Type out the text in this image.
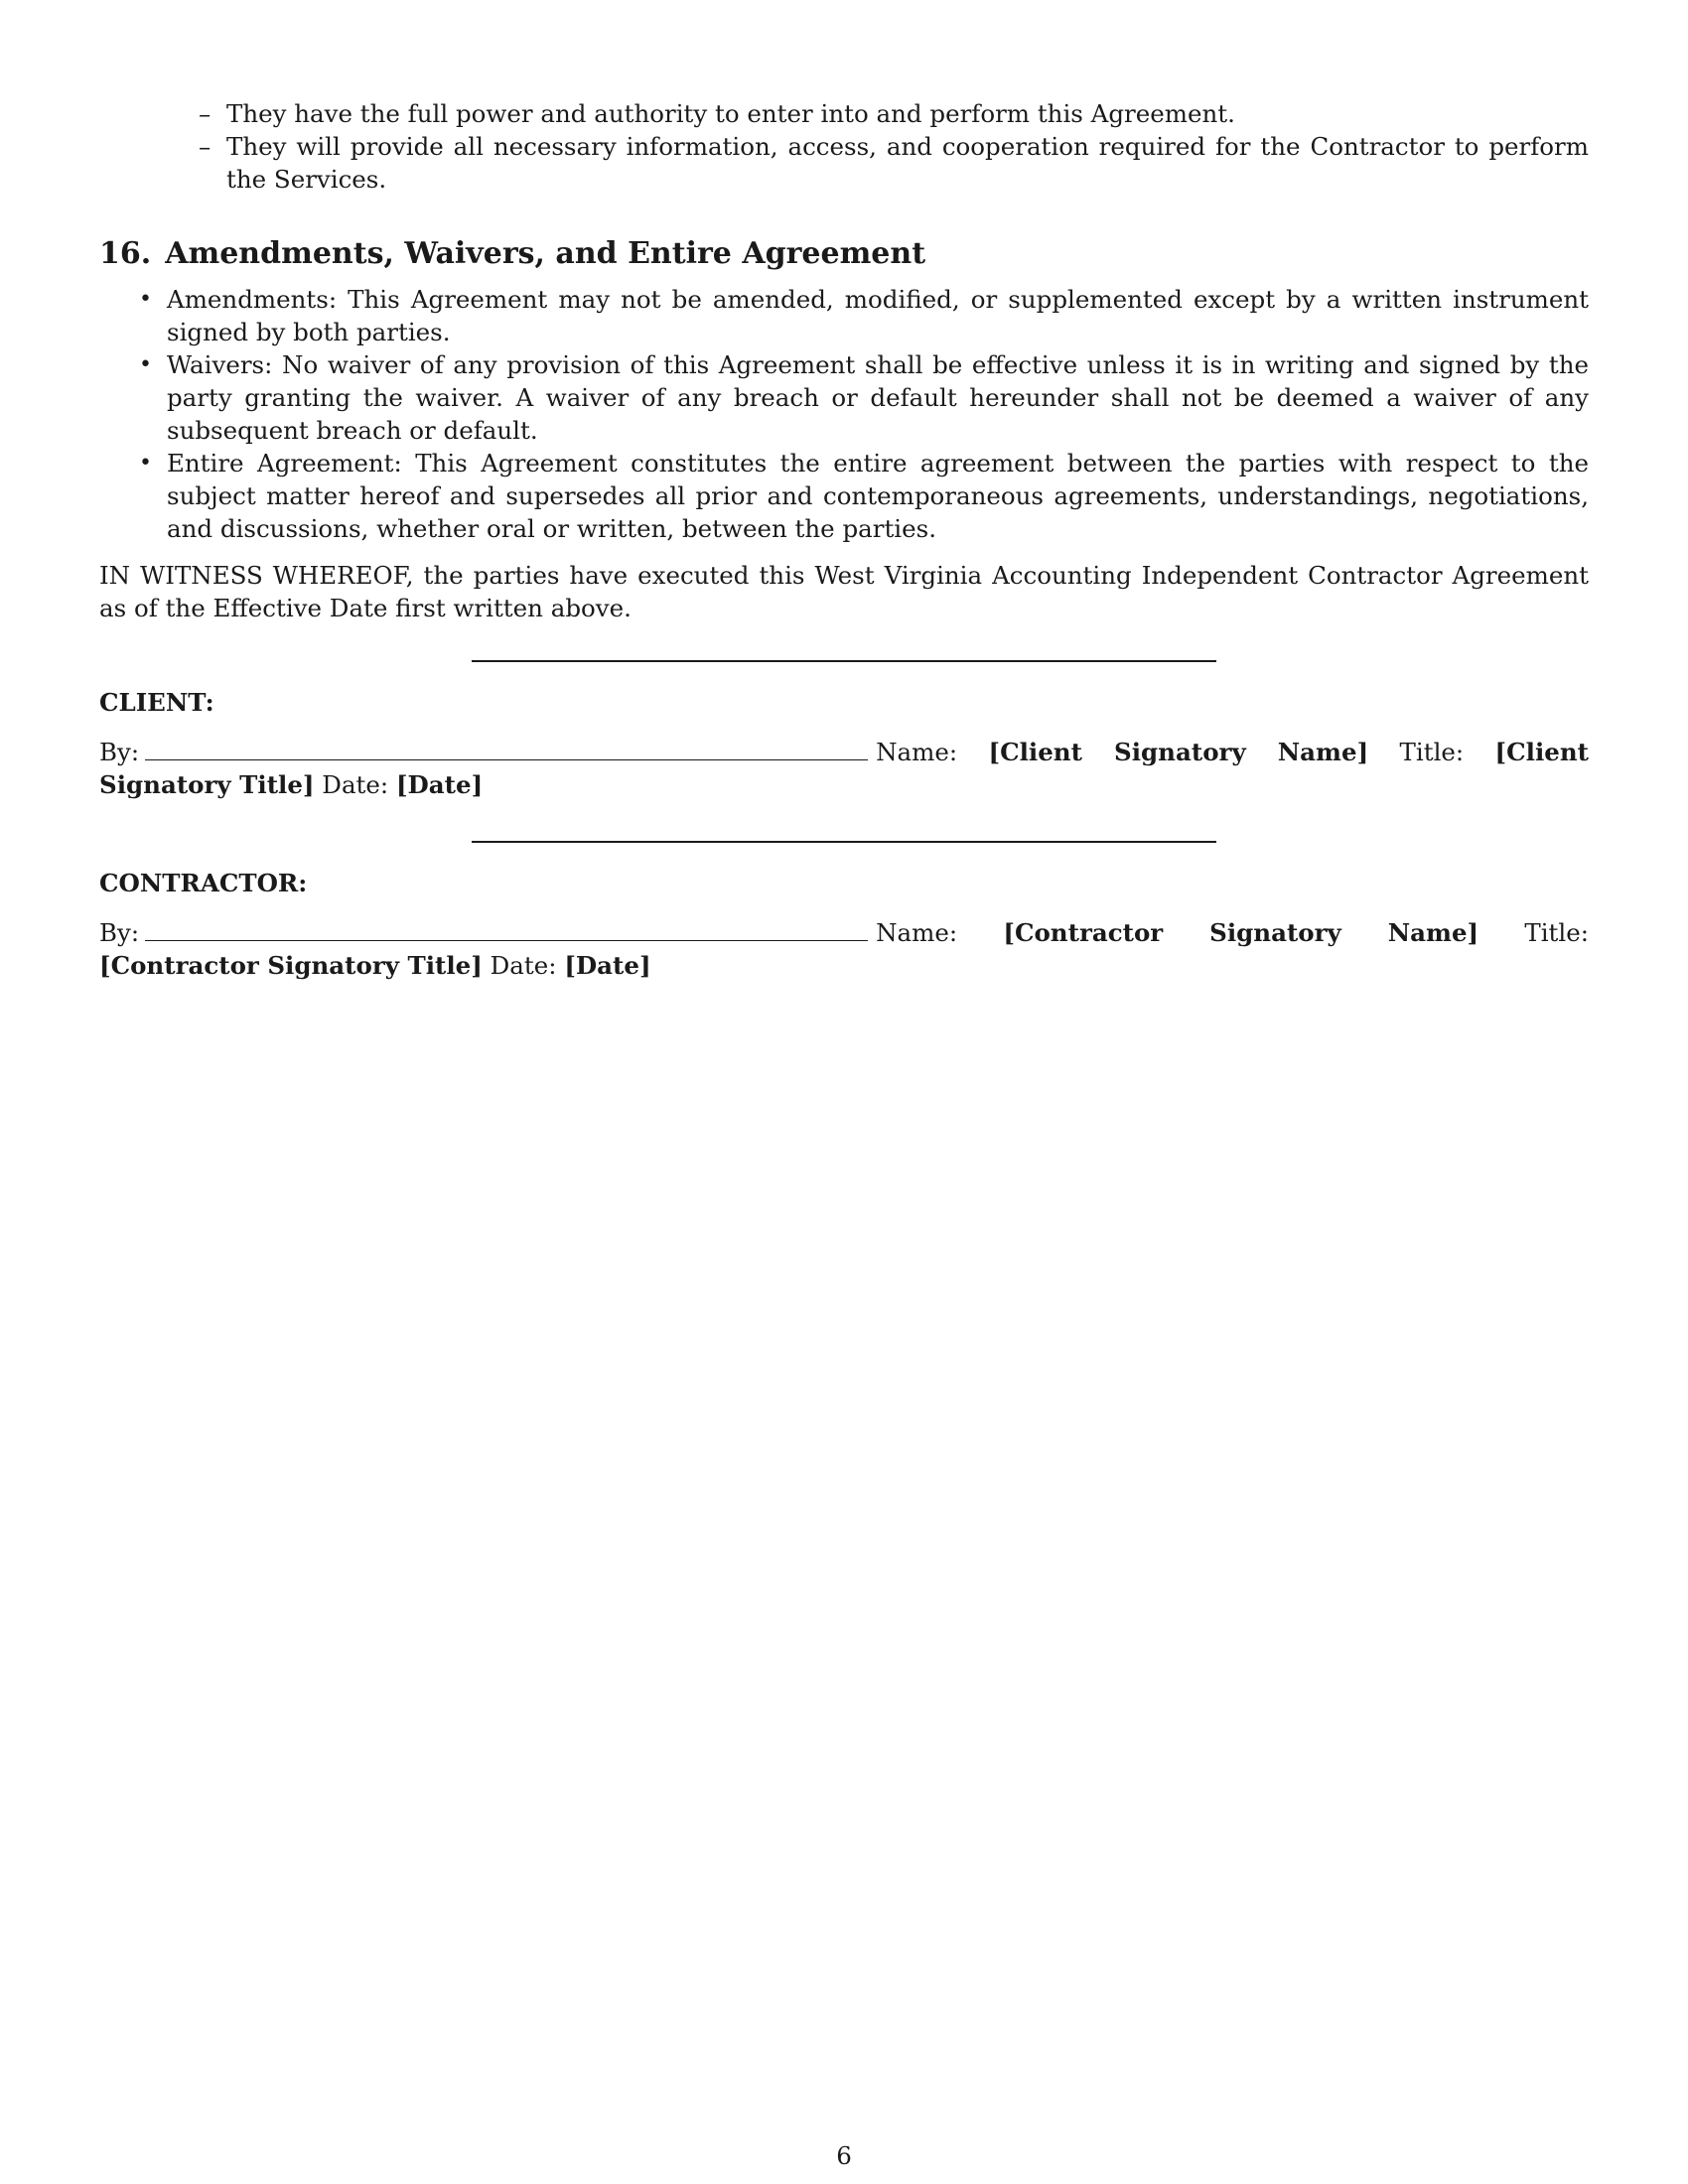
– They have the full power and authority to enter into and perform this Agreement.
– They will provide all necessary information, access, and cooperation required for the Contractor to perform the Services.
16. Amendments, Waivers, and Entire Agreement
• Amendments: This Agreement may not be amended, modified, or supplemented except by a written instrument signed by both parties.
• Waivers: No waiver of any provision of this Agreement shall be effective unless it is in writing and signed by the party granting the waiver. A waiver of any breach or default hereunder shall not be deemed a waiver of any subsequent breach or default.
• Entire Agreement: This Agreement constitutes the entire agreement between the parties with respect to the subject matter hereof and supersedes all prior and contemporaneous agreements, understandings, negotiations, and discussions, whether oral or written, between the parties.

IN WITNESS WHEREOF, the parties have executed this West Virginia Accounting Independent Contractor Agreement as of the Effective Date first written above.

CLIENT:
By:	Name: [Client Signatory Name] Title: [Client Signatory Title] Date: [Date]
CONTRACTOR:
By:	Name: [Contractor Signatory Name] Title: [Contractor Signatory Title] Date: [Date]
6
